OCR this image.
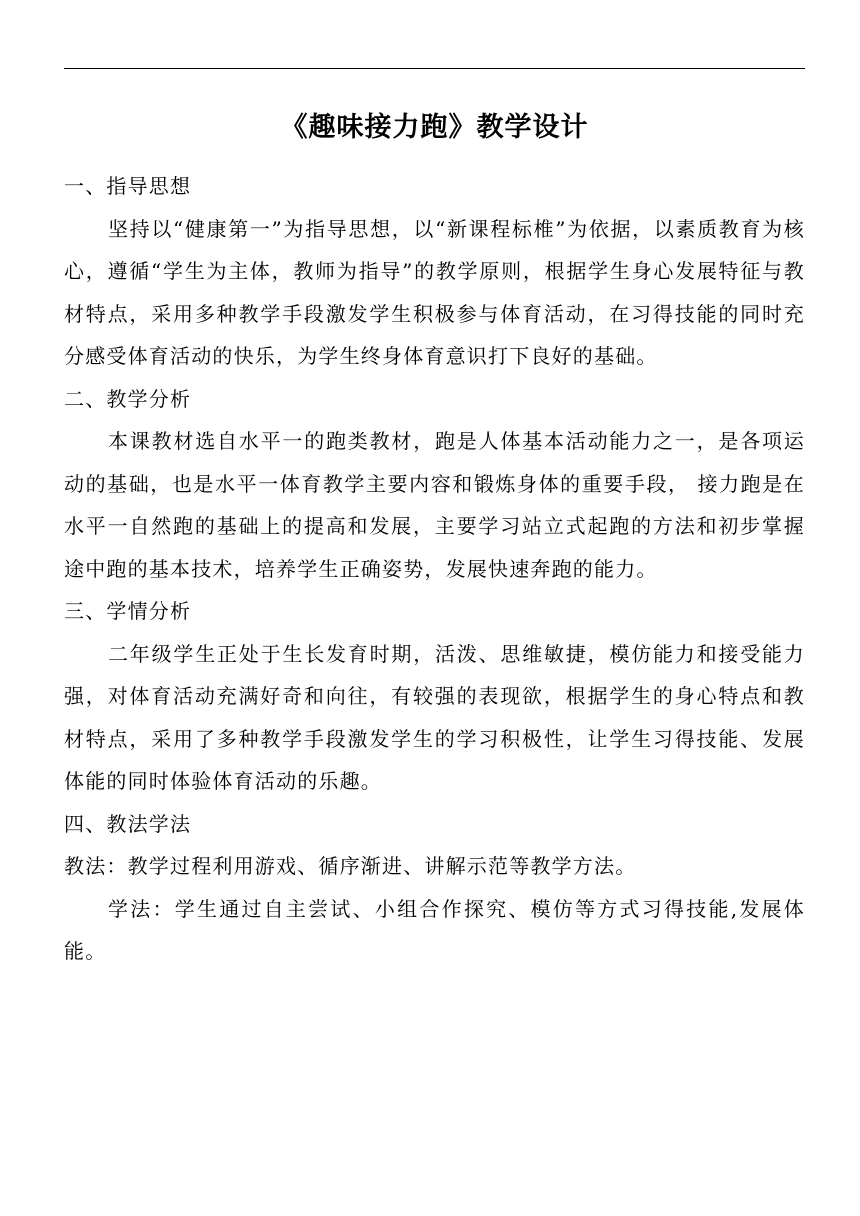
《趣味接力跑》教学设计
一、指导思想

坚持以“健康第一”为指导思想，以“新课程标椎”为依据，以素质教育为核心，遵循“学生为主体，教师为指导”的教学原则，根据学生身心发展特征与教材特点，采用多种教学手段激发学生积极参与体育活动，在习得技能的同时充分感受体育活动的快乐，为学生终身体育意识打下良好的基础。

二、教学分析

本课教材选自水平一的跑类教材，跑是人体基本活动能力之一，是各项运动的基础，也是水平一体育教学主要内容和锻炼身体的重要手段， 接力跑是在水平一自然跑的基础上的提高和发展，主要学习站立式起跑的方法和初步掌握途中跑的基本技术，培养学生正确姿势，发展快速奔跑的能力。

三、学情分析

二年级学生正处于生长发育时期，活泼、思维敏捷，模仿能力和接受能力强，对体育活动充满好奇和向往，有较强的表现欲，根据学生的身心特点和教材特点，采用了多种教学手段激发学生的学习积极性，让学生习得技能、发展体能的同时体验体育活动的乐趣。

四、教法学法

教法：教学过程利用游戏、循序渐进、讲解示范等教学方法。

学法：学生通过自主尝试、小组合作探究、模仿等方式习得技能,发展体能。
